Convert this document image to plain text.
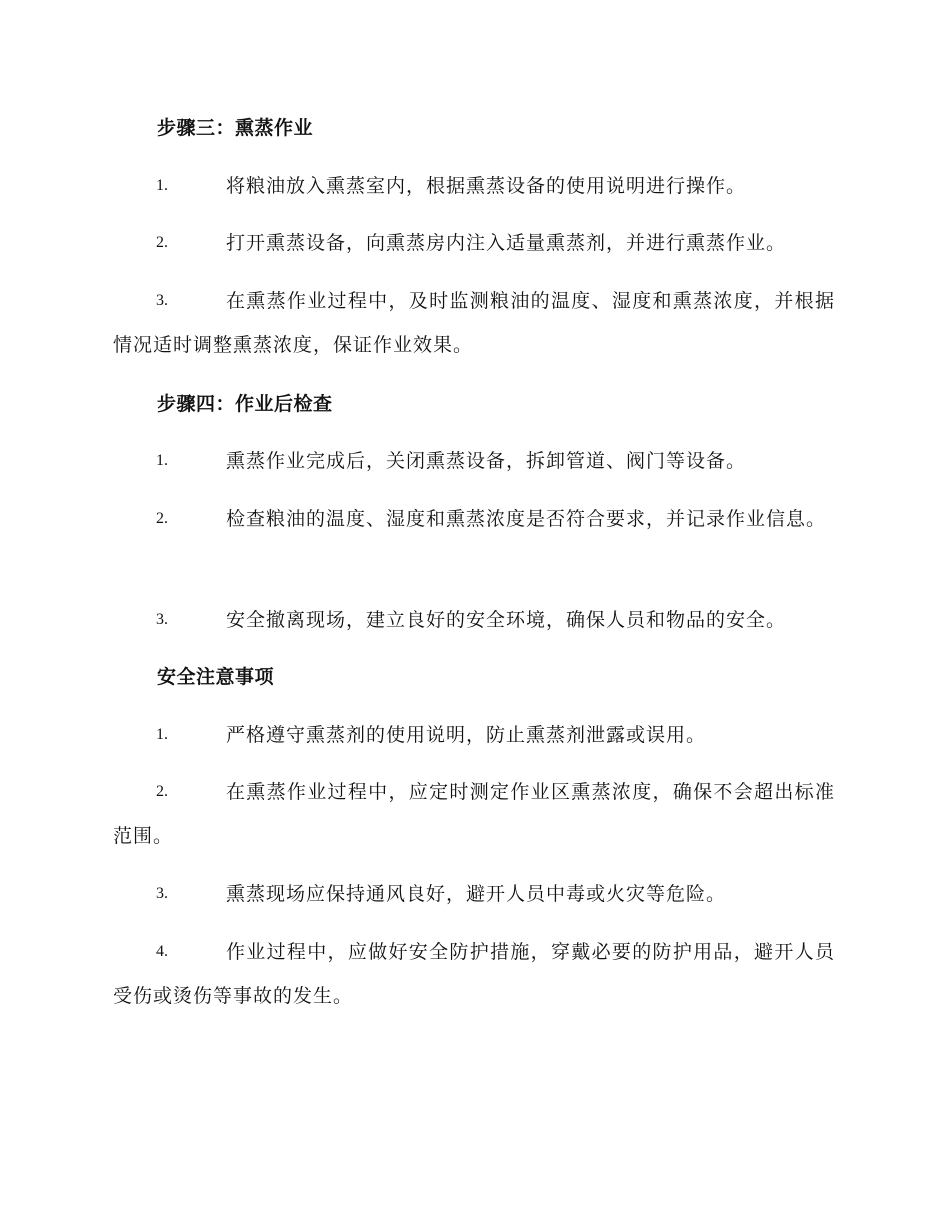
步骤三：熏蒸作业
1.	将粮油放入熏蒸室内，根据熏蒸设备的使用说明进行操作。
2.	打开熏蒸设备，向熏蒸房内注入适量熏蒸剂，并进行熏蒸作业。
3.	在熏蒸作业过程中，及时监测粮油的温度、湿度和熏蒸浓度，并根据情况适时调整熏蒸浓度，保证作业效果。
步骤四：作业后检查
1.	熏蒸作业完成后，关闭熏蒸设备，拆卸管道、阀门等设备。
2.	检查粮油的温度、湿度和熏蒸浓度是否符合要求，并记录作业信息。
3.	安全撤离现场，建立良好的安全环境，确保人员和物品的安全。
安全注意事项
1.	严格遵守熏蒸剂的使用说明，防止熏蒸剂泄露或误用。
2.	在熏蒸作业过程中，应定时测定作业区熏蒸浓度，确保不会超出标准范围。
3.	熏蒸现场应保持通风良好，避开人员中毒或火灾等危险。
4.	作业过程中，应做好安全防护措施，穿戴必要的防护用品，避开人员受伤或烫伤等事故的发生。
